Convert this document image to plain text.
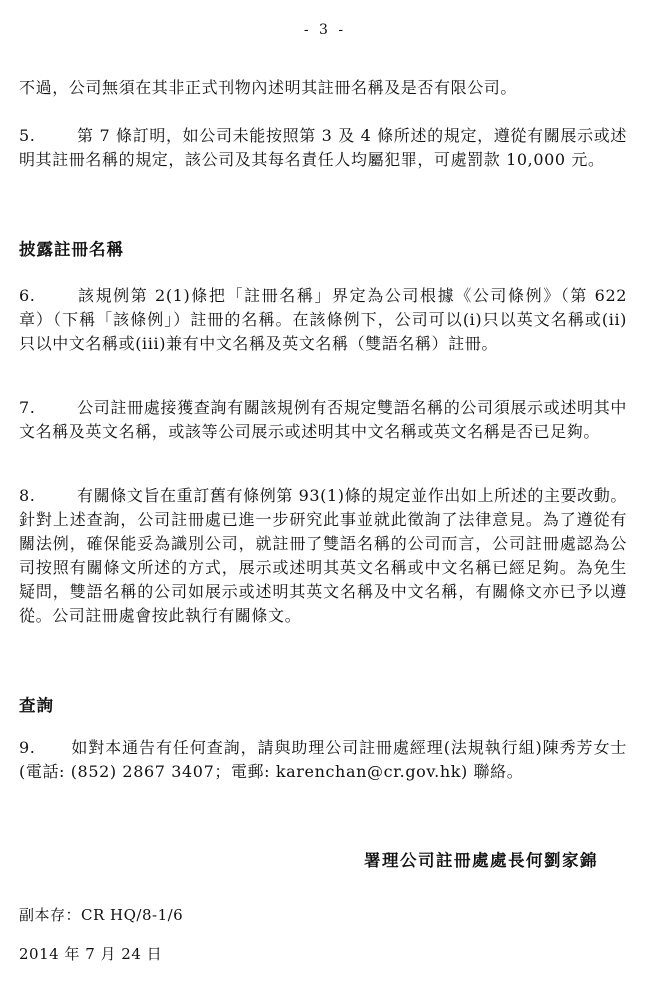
- 3 -
不過，公司無須在其非正式刊物內述明其註冊名稱及是否有限公司。
5.	第 7 條訂明，如公司未能按照第 3 及 4 條所述的規定，遵從有關展示或述明其註冊名稱的規定，該公司及其每名責任人均屬犯罪，可處罰款 10,000 元。
披露註冊名稱
6.	該規例第 2(1)條把「註冊名稱」界定為公司根據《公司條例》（第 622 章）（下稱「該條例」）註冊的名稱。在該條例下，公司可以(i)只以英文名稱或(ii)只以中文名稱或(iii)兼有中文名稱及英文名稱（雙語名稱）註冊。
7.	公司註冊處接獲查詢有關該規例有否規定雙語名稱的公司須展示或述明其中文名稱及英文名稱，或該等公司展示或述明其中文名稱或英文名稱是否已足夠。
8.	有關條文旨在重訂舊有條例第 93(1)條的規定並作出如上所述的主要改動。針對上述查詢，公司註冊處已進一步研究此事並就此徵詢了法律意見。為了遵從有關法例，確保能妥為識別公司，就註冊了雙語名稱的公司而言，公司註冊處認為公司按照有關條文所述的方式，展示或述明其英文名稱或中文名稱已經足夠。為免生疑問，雙語名稱的公司如展示或述明其英文名稱及中文名稱，有關條文亦已予以遵從。公司註冊處會按此執行有關條文。
查詢
9. 如對本通告有任何查詢，請與助理公司註冊處經理(法規執行組)陳秀芳女士 (電話: (852) 2867 3407；電郵: karenchan@cr.gov.hk) 聯絡。
署理公司註冊處處長何劉家錦
副本存：CR HQ/8-1/6
2014 年 7 月 24 日
